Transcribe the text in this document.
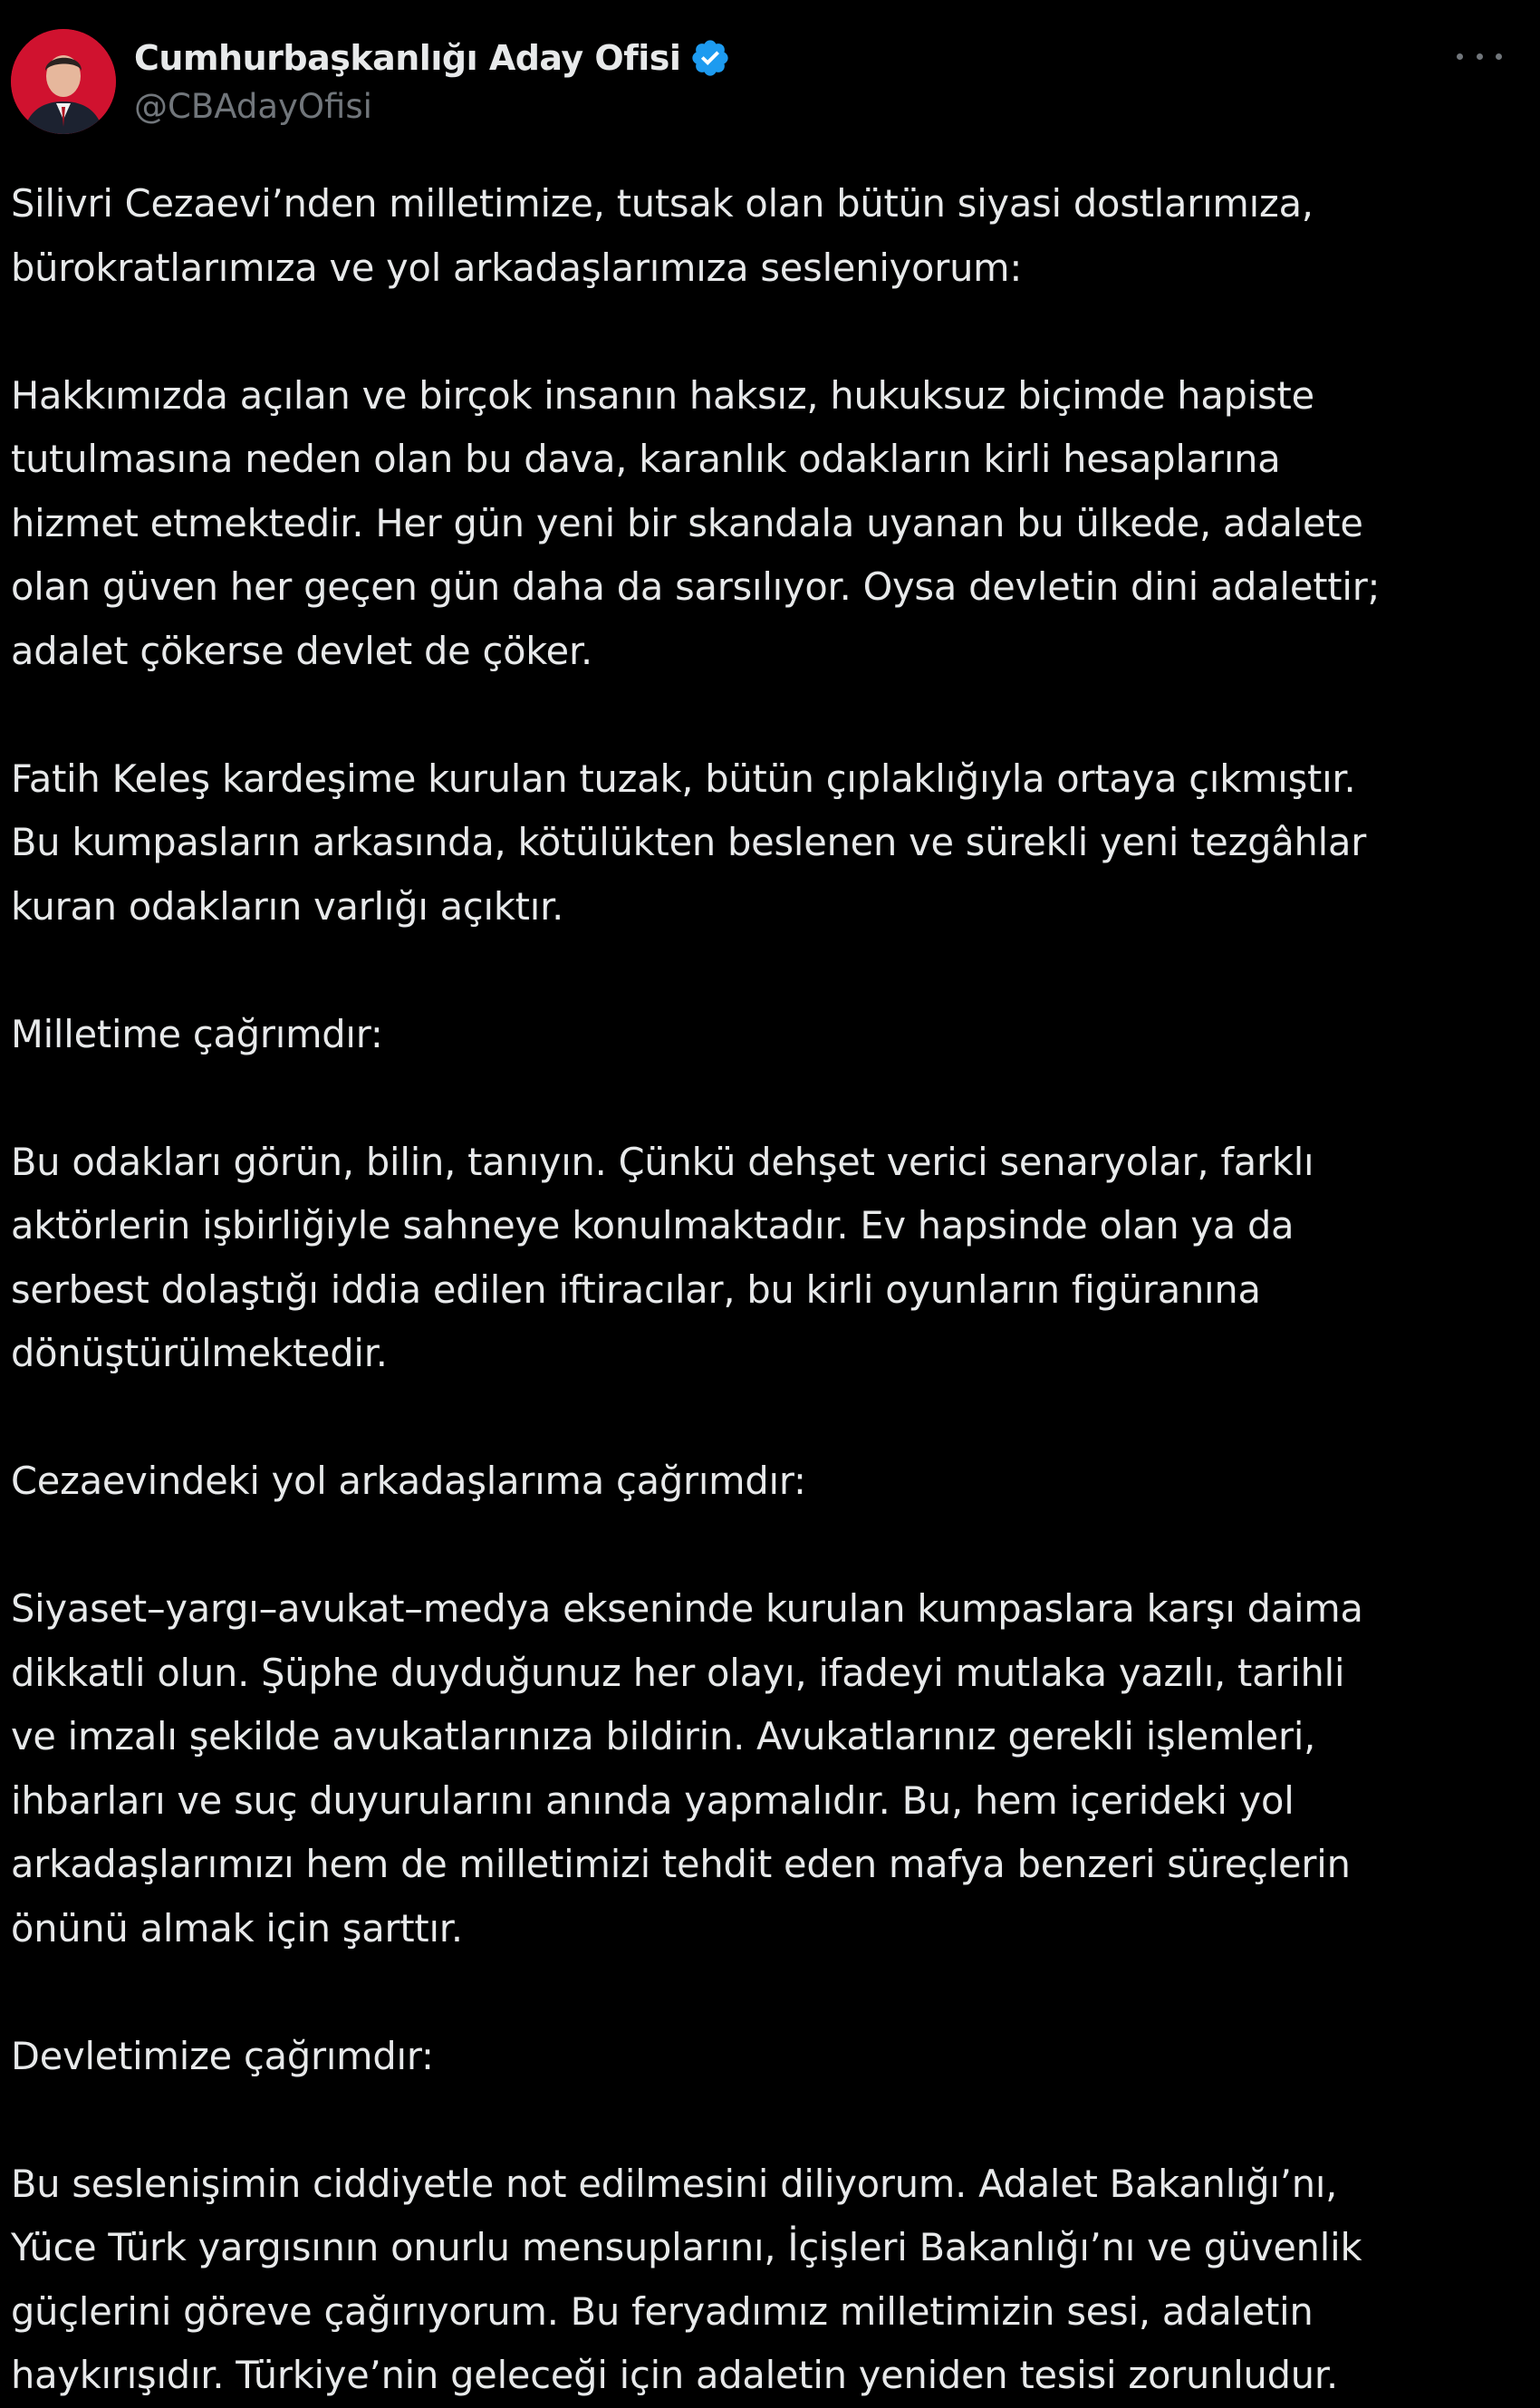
Cumhurbaşkanlığı Aday Ofisi
@CBAdayOfisi
Silivri Cezaevi’nden milletimize, tutsak olan bütün siyasi dostlarımıza,
bürokratlarımıza ve yol arkadaşlarımıza sesleniyorum:
Hakkımızda açılan ve birçok insanın haksız, hukuksuz biçimde hapiste
tutulmasına neden olan bu dava, karanlık odakların kirli hesaplarına
hizmet etmektedir. Her gün yeni bir skandala uyanan bu ülkede, adalete
olan güven her geçen gün daha da sarsılıyor. Oysa devletin dini adalettir;
adalet çökerse devlet de çöker.
Fatih Keleş kardeşime kurulan tuzak, bütün çıplaklığıyla ortaya çıkmıştır.
Bu kumpasların arkasında, kötülükten beslenen ve sürekli yeni tezgâhlar
kuran odakların varlığı açıktır.
Milletime çağrımdır:
Bu odakları görün, bilin, tanıyın. Çünkü dehşet verici senaryolar, farklı
aktörlerin işbirliğiyle sahneye konulmaktadır. Ev hapsinde olan ya da
serbest dolaştığı iddia edilen iftiracılar, bu kirli oyunların figüranına
dönüştürülmektedir.
Cezaevindeki yol arkadaşlarıma çağrımdır:
Siyaset–yargı–avukat–medya ekseninde kurulan kumpaslara karşı daima
dikkatli olun. Şüphe duyduğunuz her olayı, ifadeyi mutlaka yazılı, tarihli
ve imzalı şekilde avukatlarınıza bildirin. Avukatlarınız gerekli işlemleri,
ihbarları ve suç duyurularını anında yapmalıdır. Bu, hem içerideki yol
arkadaşlarımızı hem de milletimizi tehdit eden mafya benzeri süreçlerin
önünü almak için şarttır.
Devletimize çağrımdır:
Bu seslenişimin ciddiyetle not edilmesini diliyorum. Adalet Bakanlığı’nı,
Yüce Türk yargısının onurlu mensuplarını, İçişleri Bakanlığı’nı ve güvenlik
güçlerini göreve çağırıyorum. Bu feryadımız milletimizin sesi, adaletin
haykırışıdır. Türkiye’nin geleceği için adaletin yeniden tesisi zorunludur.
